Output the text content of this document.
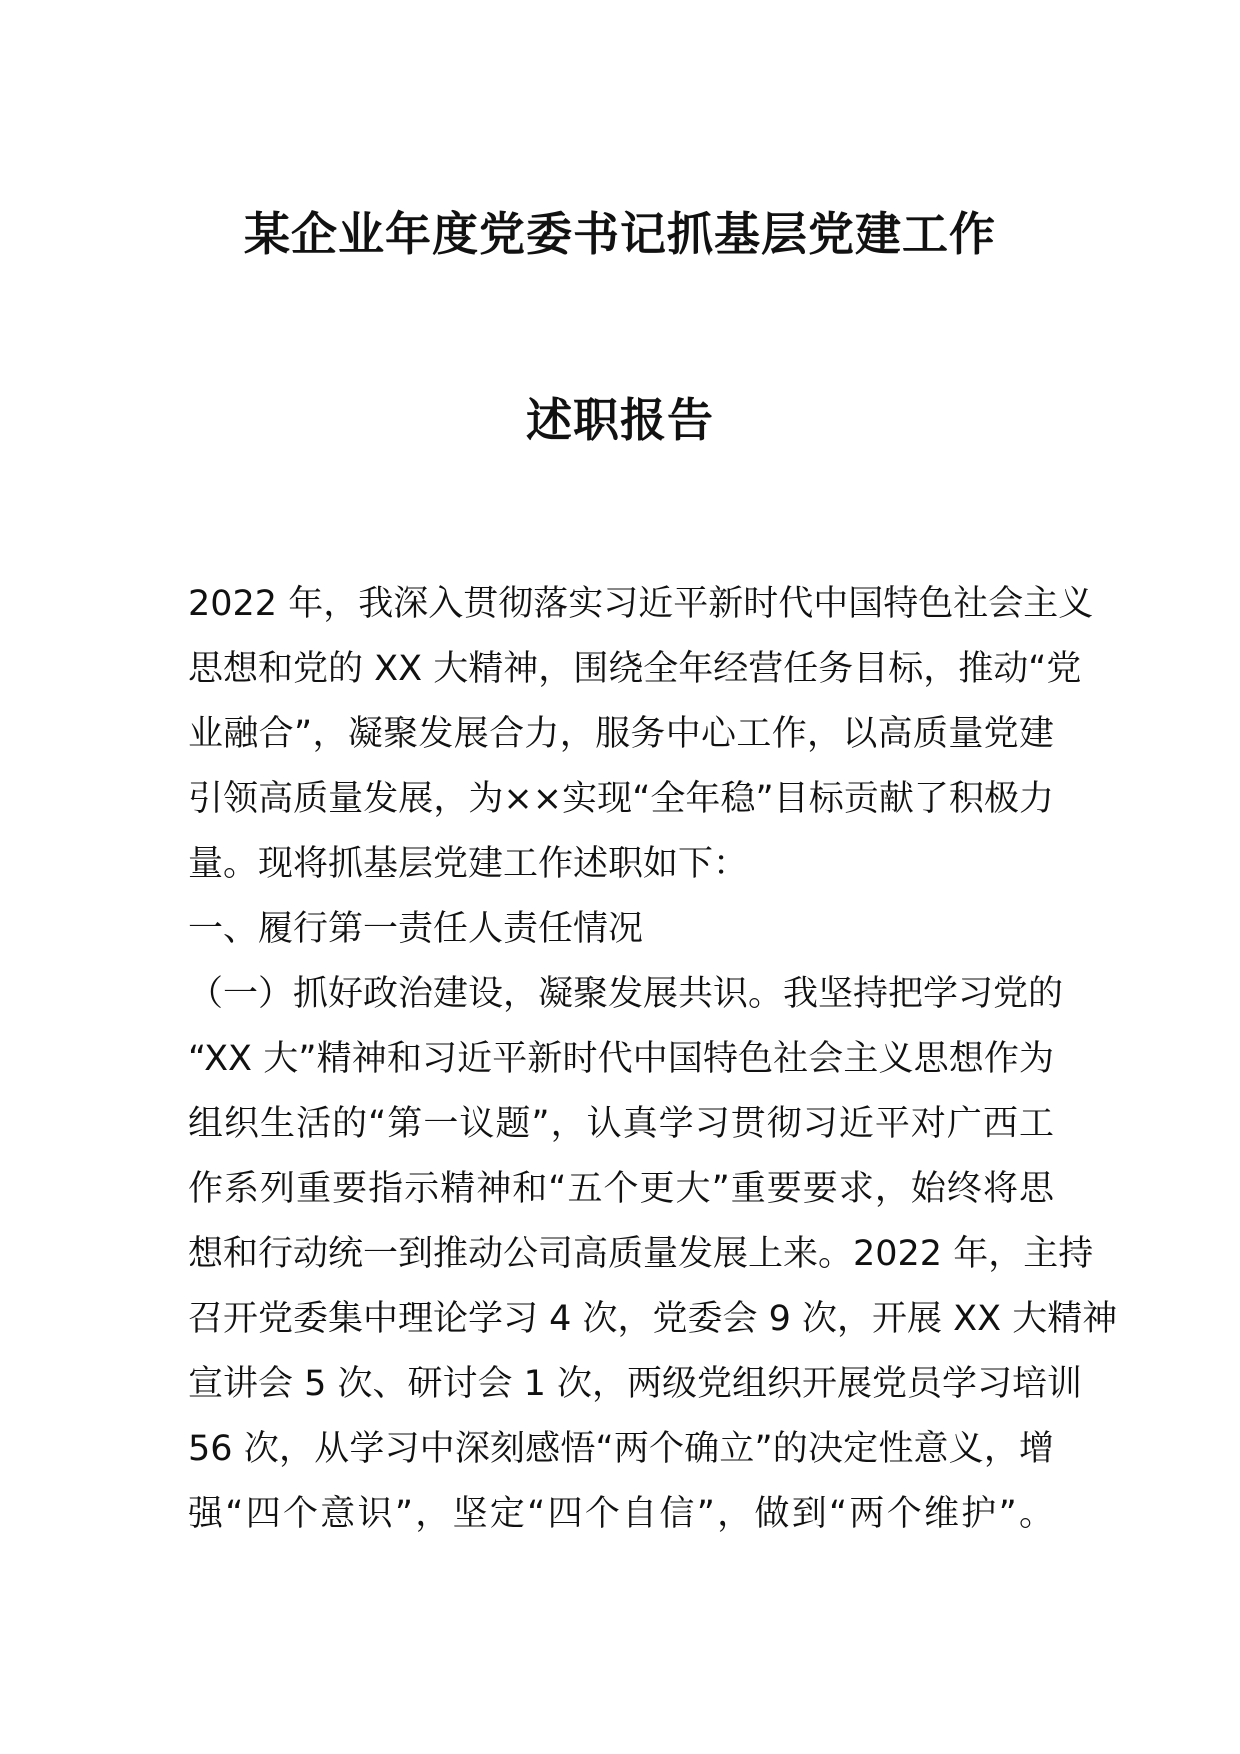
某企业年度党委书记抓基层党建工作
述职报告

2022 年，我深入贯彻落实习近平新时代中国特色社会主义

思想和党的 XX 大精神，围绕全年经营任务目标，推动“党

业融合”，凝聚发展合力，服务中心工作，以高质量党建

引领高质量发展，为××实现“全年稳”目标贡献了积极力

量。现将抓基层党建工作述职如下：

一、履行第一责任人责任情况

（一）抓好政治建设，凝聚发展共识。我坚持把学习党的

“XX 大”精神和习近平新时代中国特色社会主义思想作为

组织生活的“第一议题”，认真学习贯彻习近平对广西工

作系列重要指示精神和“五个更大”重要要求，始终将思

想和行动统一到推动公司高质量发展上来。2022 年，主持

召开党委集中理论学习 4 次，党委会 9 次，开展 XX 大精神

宣讲会 5 次、研讨会 1 次，两级党组织开展党员学习培训

56 次，从学习中深刻感悟“两个确立”的决定性意义，增

强“四个意识”，坚定“四个自信”，做到“两个维护”。
